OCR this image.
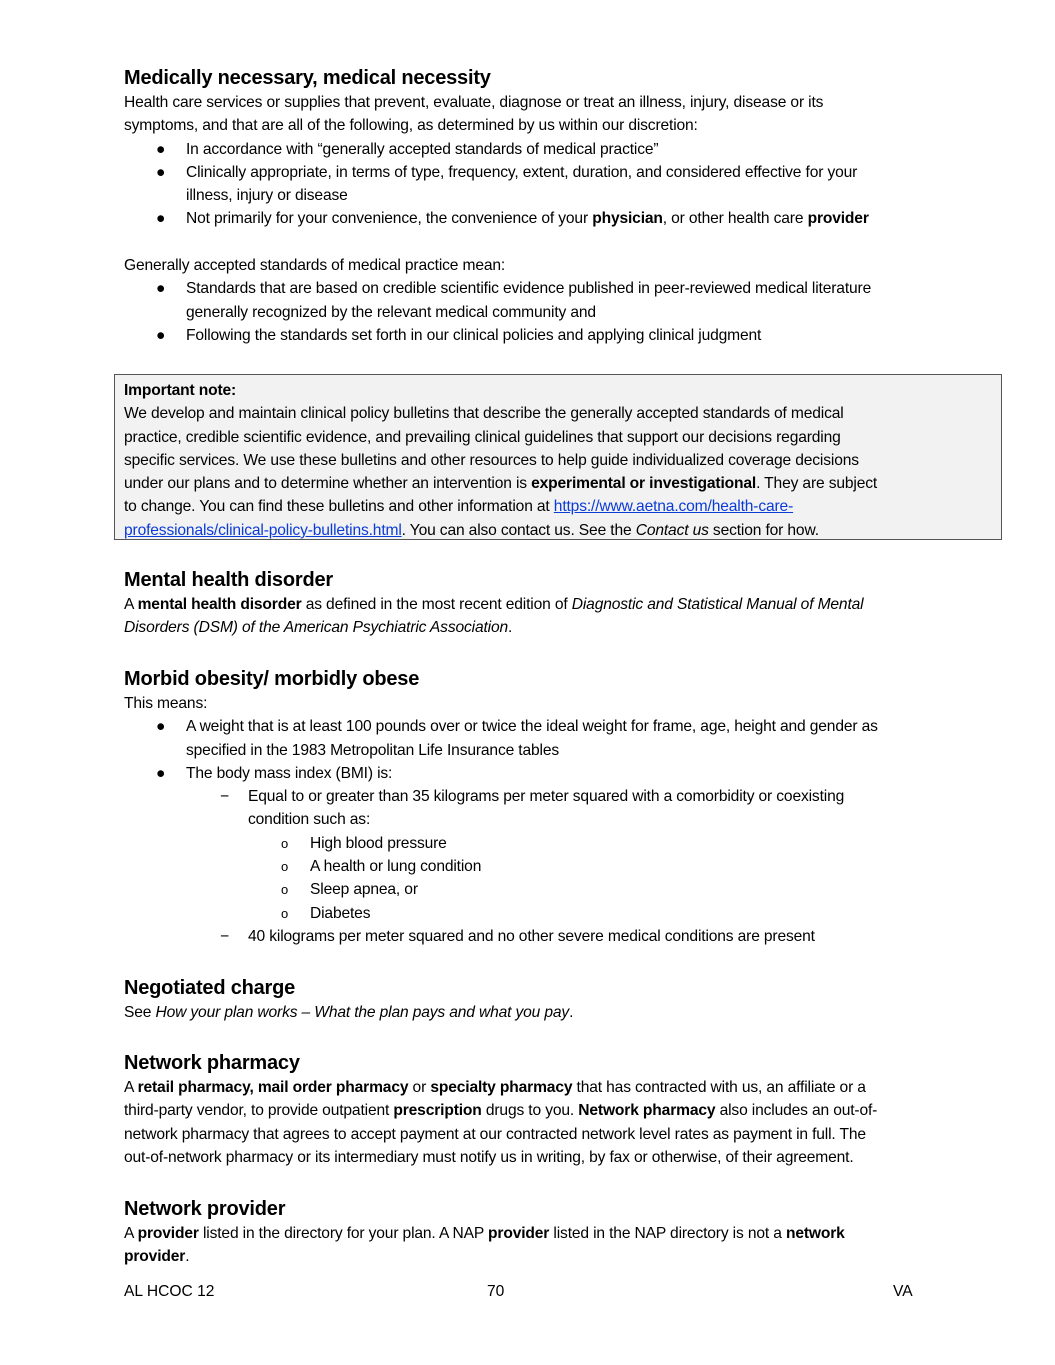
Medically necessary, medical necessity
Health care services or supplies that prevent, evaluate, diagnose or treat an illness, injury, disease or its
symptoms, and that are all of the following, as determined by us within our discretion:
● In accordance with “generally accepted standards of medical practice”
● Clinically appropriate, in terms of type, frequency, extent, duration, and considered effective for your
illness, injury or disease
● Not primarily for your convenience, the convenience of your physician, or other health care provider
Generally accepted standards of medical practice mean:
● Standards that are based on credible scientific evidence published in peer-reviewed medical literature
generally recognized by the relevant medical community and
● Following the standards set forth in our clinical policies and applying clinical judgment
Important note:
We develop and maintain clinical policy bulletins that describe the generally accepted standards of medical
practice, credible scientific evidence, and prevailing clinical guidelines that support our decisions regarding
specific services. We use these bulletins and other resources to help guide individualized coverage decisions
under our plans and to determine whether an intervention is experimental or investigational. They are subject
to change. You can find these bulletins and other information at https://www.aetna.com/health-care-
professionals/clinical-policy-bulletins.html. You can also contact us. See the Contact us section for how.
Mental health disorder
A mental health disorder as defined in the most recent edition of Diagnostic and Statistical Manual of Mental
Disorders (DSM) of the American Psychiatric Association.
Morbid obesity/ morbidly obese
This means:
● A weight that is at least 100 pounds over or twice the ideal weight for frame, age, height and gender as
specified in the 1983 Metropolitan Life Insurance tables
● The body mass index (BMI) is:
− Equal to or greater than 35 kilograms per meter squared with a comorbidity or coexisting
condition such as:
o High blood pressure
o A health or lung condition
o Sleep apnea, or
o Diabetes
− 40 kilograms per meter squared and no other severe medical conditions are present
Negotiated charge
See How your plan works – What the plan pays and what you pay.
Network pharmacy
A retail pharmacy, mail order pharmacy or specialty pharmacy that has contracted with us, an affiliate or a
third-party vendor, to provide outpatient prescription drugs to you. Network pharmacy also includes an out-of-
network pharmacy that agrees to accept payment at our contracted network level rates as payment in full. The
out-of-network pharmacy or its intermediary must notify us in writing, by fax or otherwise, of their agreement.
Network provider
A provider listed in the directory for your plan. A NAP provider listed in the NAP directory is not a network
provider.
AL HCOC 12	70	VA
